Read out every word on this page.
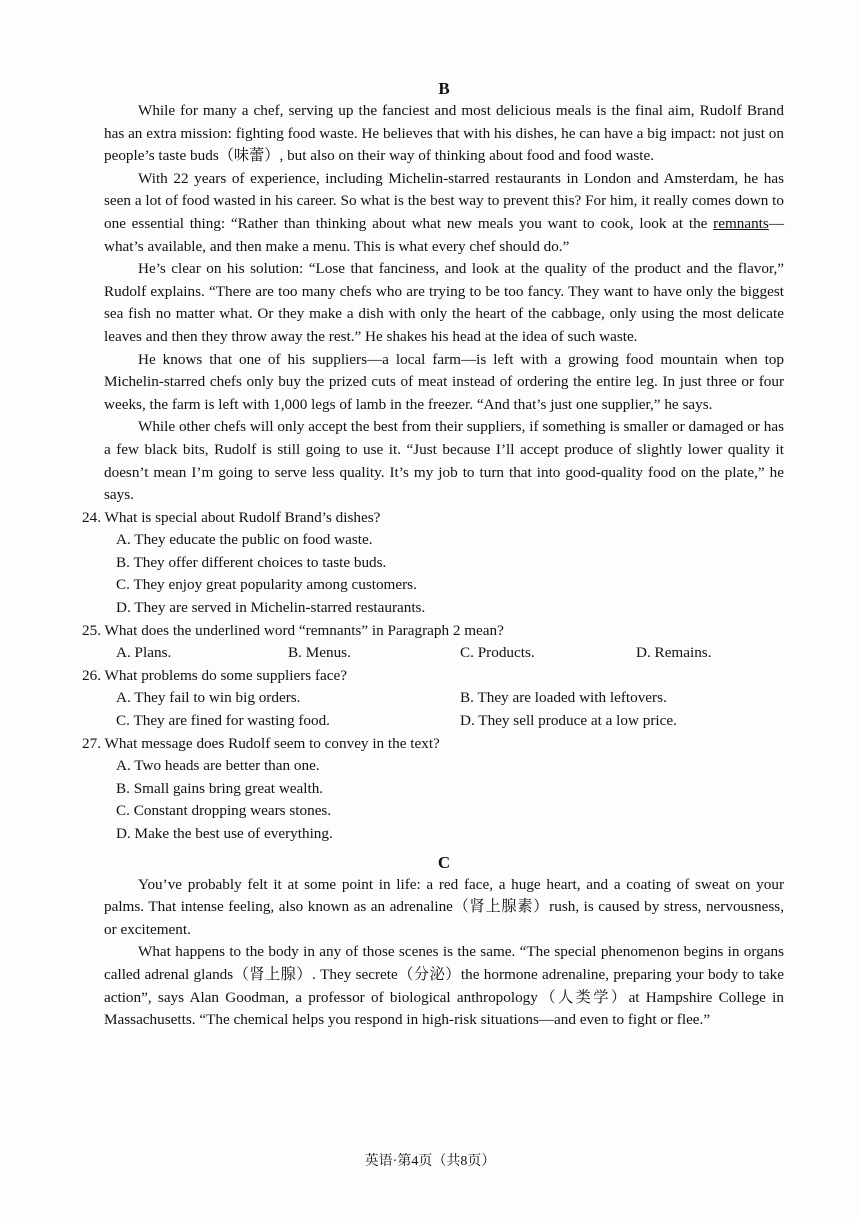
B

While for many a chef, serving up the fanciest and most delicious meals is the final aim, Rudolf Brand has an extra mission: fighting food waste. He believes that with his dishes, he can have a big impact: not just on people’s taste buds（味蕾）, but also on their way of thinking about food and food waste.

With 22 years of experience, including Michelin-starred restaurants in London and Amsterdam, he has seen a lot of food wasted in his career. So what is the best way to prevent this? For him, it really comes down to one essential thing: “Rather than thinking about what new meals you want to cook, look at the remnants—what’s available, and then make a menu. This is what every chef should do.”

He’s clear on his solution: “Lose that fanciness, and look at the quality of the product and the flavor,” Rudolf explains. “There are too many chefs who are trying to be too fancy. They want to have only the biggest sea fish no matter what. Or they make a dish with only the heart of the cabbage, only using the most delicate leaves and then they throw away the rest.” He shakes his head at the idea of such waste.

He knows that one of his suppliers—a local farm—is left with a growing food mountain when top Michelin-starred chefs only buy the prized cuts of meat instead of ordering the entire leg. In just three or four weeks, the farm is left with 1,000 legs of lamb in the freezer. “And that’s just one supplier,” he says.

While other chefs will only accept the best from their suppliers, if something is smaller or damaged or has a few black bits, Rudolf is still going to use it. “Just because I’ll accept produce of slightly lower quality it doesn’t mean I’m going to serve less quality. It’s my job to turn that into good-quality food on the plate,” he says.

24. What is special about Rudolf Brand’s dishes?
A. They educate the public on food waste.
B. They offer different choices to taste buds.
C. They enjoy great popularity among customers.
D. They are served in Michelin-starred restaurants.
25. What does the underlined word “remnants” in Paragraph 2 mean?
A. Plans.	B. Menus.	C. Products.	D. Remains.
26. What problems do some suppliers face?
A. They fail to win big orders.	B. They are loaded with leftovers.
C. They are fined for wasting food.	D. They sell produce at a low price.
27. What message does Rudolf seem to convey in the text?
A. Two heads are better than one.
B. Small gains bring great wealth.
C. Constant dropping wears stones.
D. Make the best use of everything.
C

You’ve probably felt it at some point in life: a red face, a huge heart, and a coating of sweat on your palms. That intense feeling, also known as an adrenaline（肾上腺素）rush, is caused by stress, nervousness, or excitement.

What happens to the body in any of those scenes is the same. “The special phenomenon begins in organs called adrenal glands（肾上腺）. They secrete（分泌）the hormone adrenaline, preparing your body to take action”, says Alan Goodman, a professor of biological anthropology（人类学）at Hampshire College in Massachusetts. “The chemical helps you respond in high-risk situations—and even to fight or flee.”

英语·第4页（共8页）
